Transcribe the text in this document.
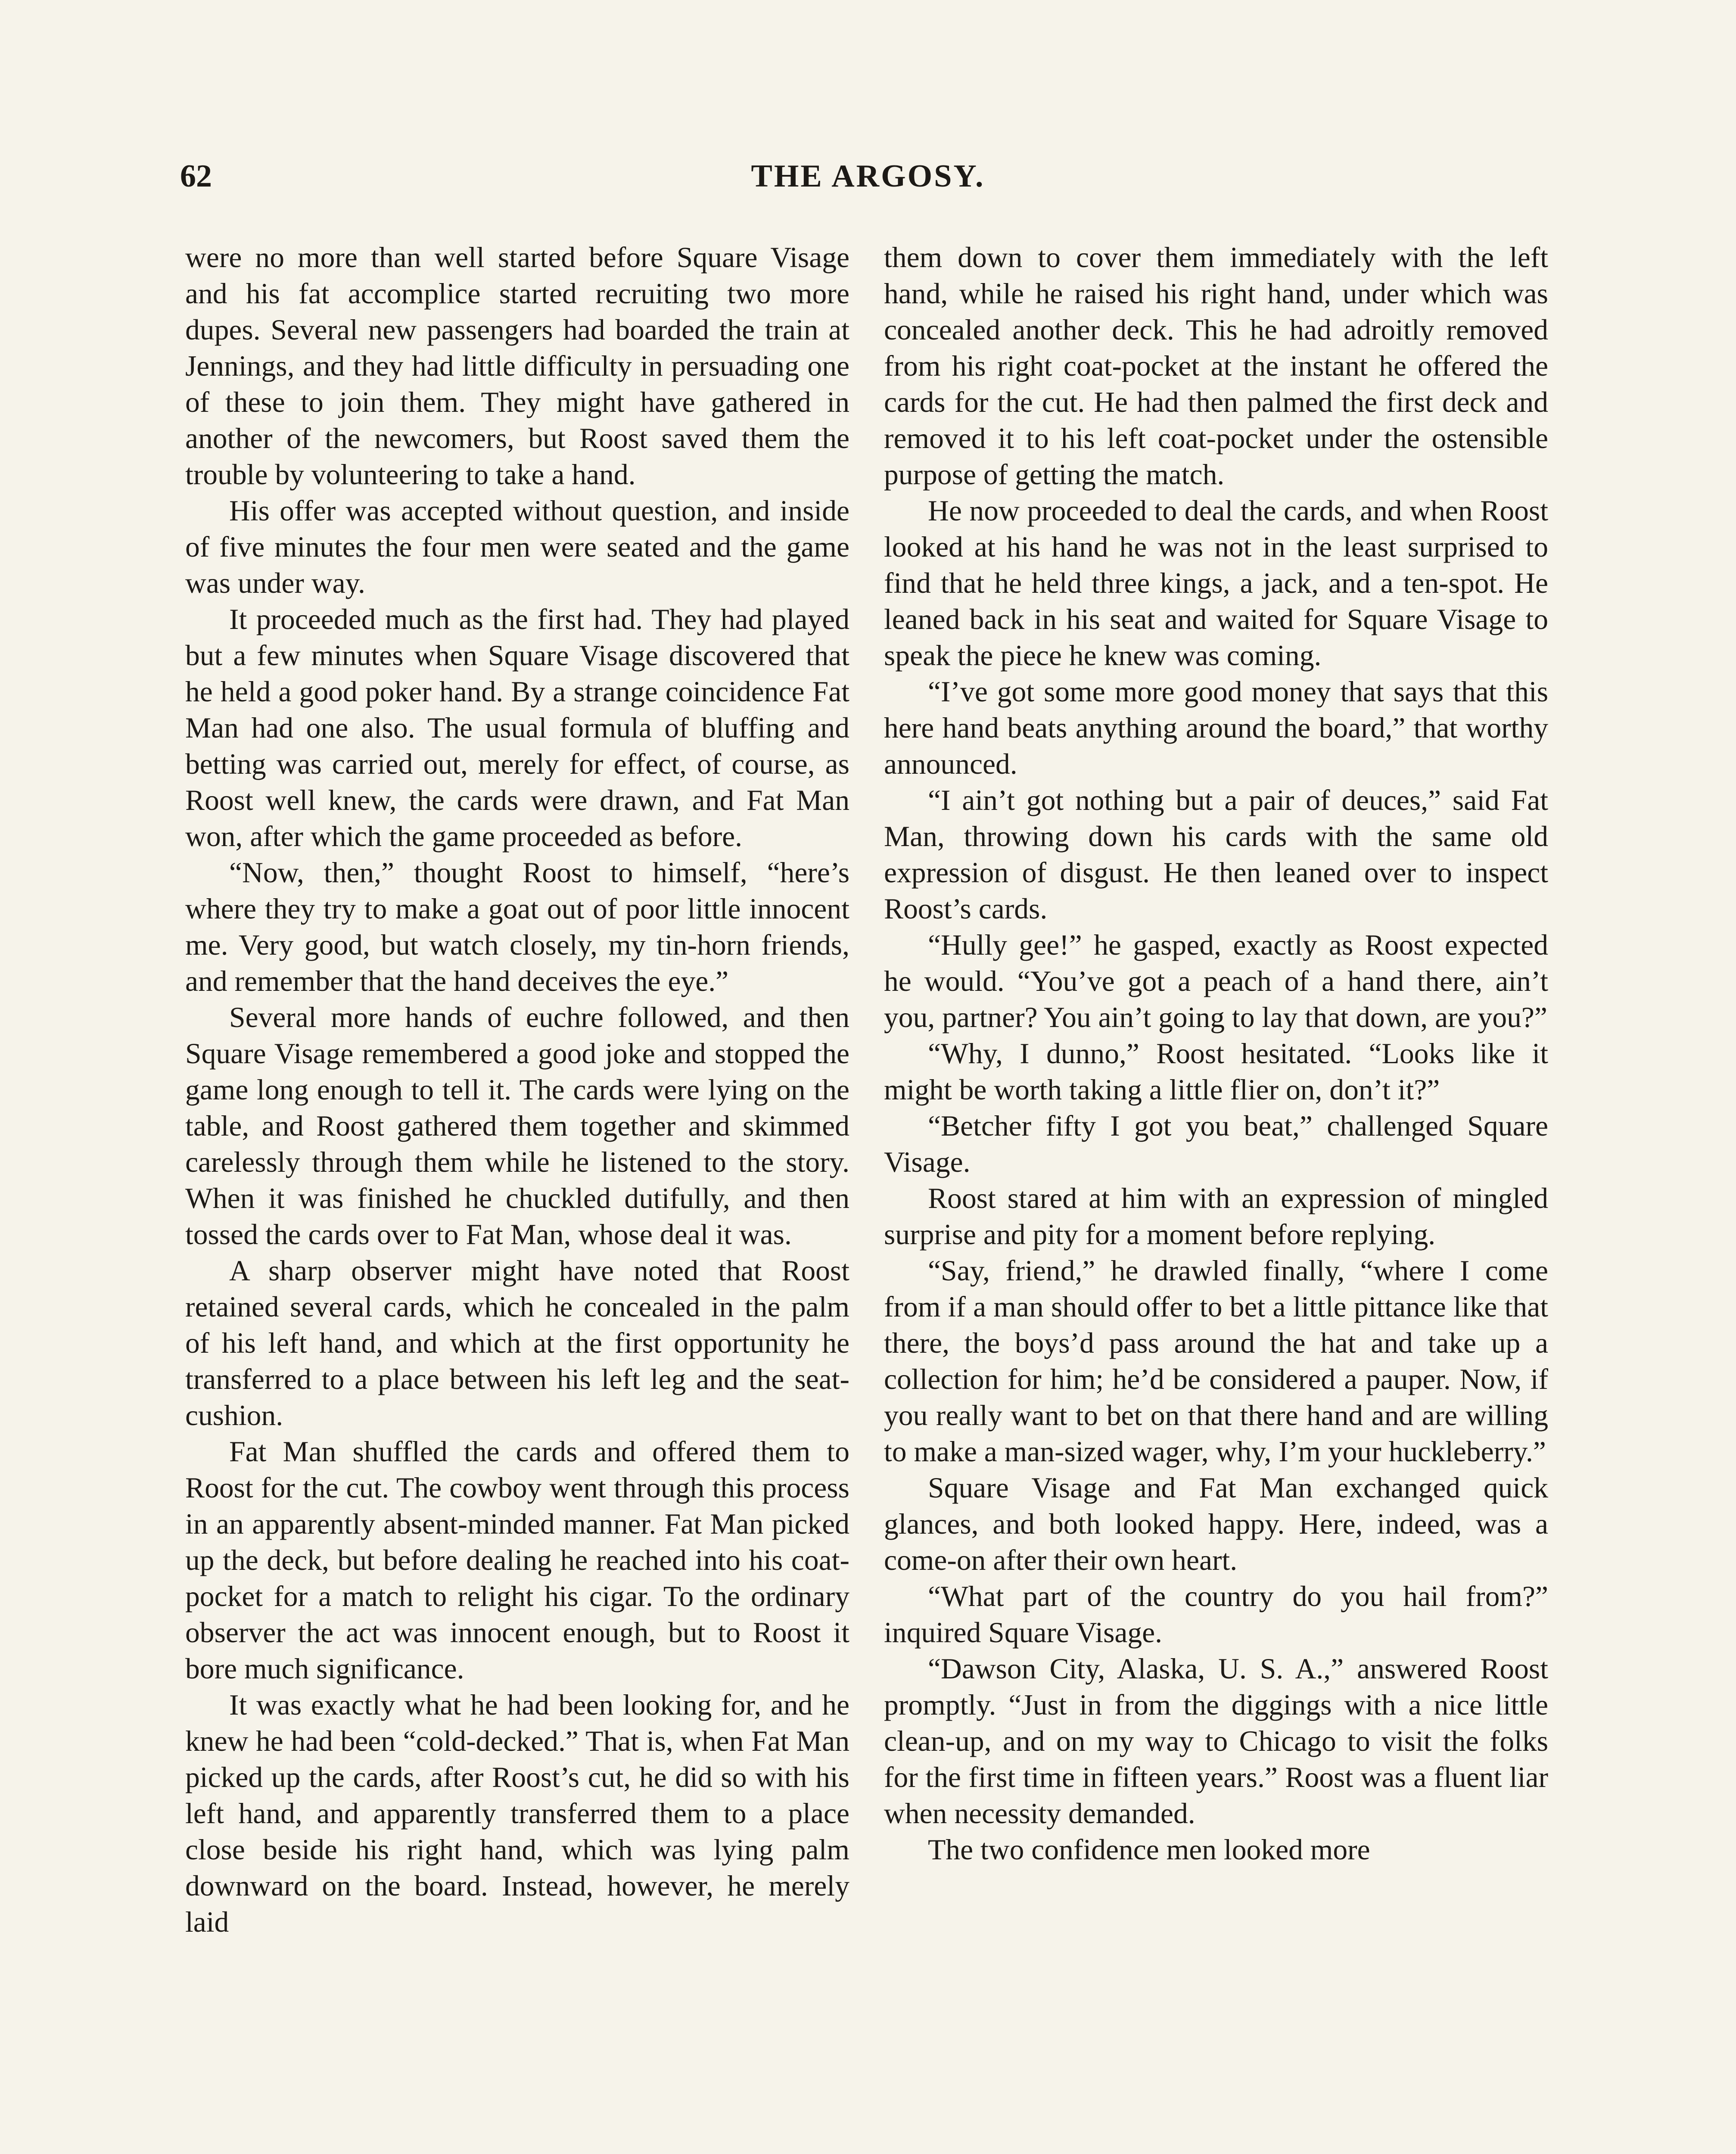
62	THE ARGOSY.

were no more than well started before Square Visage and his fat accomplice started recruiting two more dupes. Several new passengers had boarded the train at Jennings, and they had little difficulty in persuading one of these to join them. They might have gathered in another of the newcomers, but Roost saved them the trouble by volunteering to take a hand.

His offer was accepted without question, and inside of five minutes the four men were seated and the game was under way.

It proceeded much as the first had. They had played but a few minutes when Square Visage discovered that he held a good poker hand. By a strange coincidence Fat Man had one also. The usual formula of bluffing and betting was carried out, merely for effect, of course, as Roost well knew, the cards were drawn, and Fat Man won, after which the game proceeded as before.

“Now, then,” thought Roost to himself, “here’s where they try to make a goat out of poor little innocent me. Very good, but watch closely, my tin-horn friends, and remember that the hand deceives the eye.”

Several more hands of euchre followed, and then Square Visage remembered a good joke and stopped the game long enough to tell it. The cards were lying on the table, and Roost gathered them together and skimmed carelessly through them while he listened to the story. When it was finished he chuckled dutifully, and then tossed the cards over to Fat Man, whose deal it was.

A sharp observer might have noted that Roost retained several cards, which he concealed in the palm of his left hand, and which at the first opportunity he transferred to a place between his left leg and the seat-cushion.

Fat Man shuffled the cards and offered them to Roost for the cut. The cowboy went through this process in an apparently absent-minded manner. Fat Man picked up the deck, but before dealing he reached into his coat-pocket for a match to relight his cigar. To the ordinary observer the act was innocent enough, but to Roost it bore much significance.

It was exactly what he had been looking for, and he knew he had been “cold-decked.” That is, when Fat Man picked up the cards, after Roost’s cut, he did so with his left hand, and apparently transferred them to a place close beside his right hand, which was lying palm downward on the board. Instead, however, he merely laid

them down to cover them immediately with the left hand, while he raised his right hand, under which was concealed another deck. This he had adroitly removed from his right coat-pocket at the instant he offered the cards for the cut. He had then palmed the first deck and removed it to his left coat-pocket under the ostensible purpose of getting the match.

He now proceeded to deal the cards, and when Roost looked at his hand he was not in the least surprised to find that he held three kings, a jack, and a ten-spot. He leaned back in his seat and waited for Square Visage to speak the piece he knew was coming.

“I’ve got some more good money that says that this here hand beats anything around the board,” that worthy announced.

“I ain’t got nothing but a pair of deuces,” said Fat Man, throwing down his cards with the same old expression of disgust. He then leaned over to inspect Roost’s cards.

“Hully gee!” he gasped, exactly as Roost expected he would. “You’ve got a peach of a hand there, ain’t you, partner? You ain’t going to lay that down, are you?”

“Why, I dunno,” Roost hesitated. “Looks like it might be worth taking a little flier on, don’t it?”

“Betcher fifty I got you beat,” challenged Square Visage.

Roost stared at him with an expression of mingled surprise and pity for a moment before replying.

“Say, friend,” he drawled finally, “where I come from if a man should offer to bet a little pittance like that there, the boys’d pass around the hat and take up a collection for him; he’d be considered a pauper. Now, if you really want to bet on that there hand and are willing to make a man-sized wager, why, I’m your huckleberry.”

Square Visage and Fat Man exchanged quick glances, and both looked happy. Here, indeed, was a come-on after their own heart.

“What part of the country do you hail from?” inquired Square Visage.

“Dawson City, Alaska, U. S. A.,” answered Roost promptly. “Just in from the diggings with a nice little clean-up, and on my way to Chicago to visit the folks for the first time in fifteen years.” Roost was a fluent liar when necessity demanded.

The two confidence men looked more
